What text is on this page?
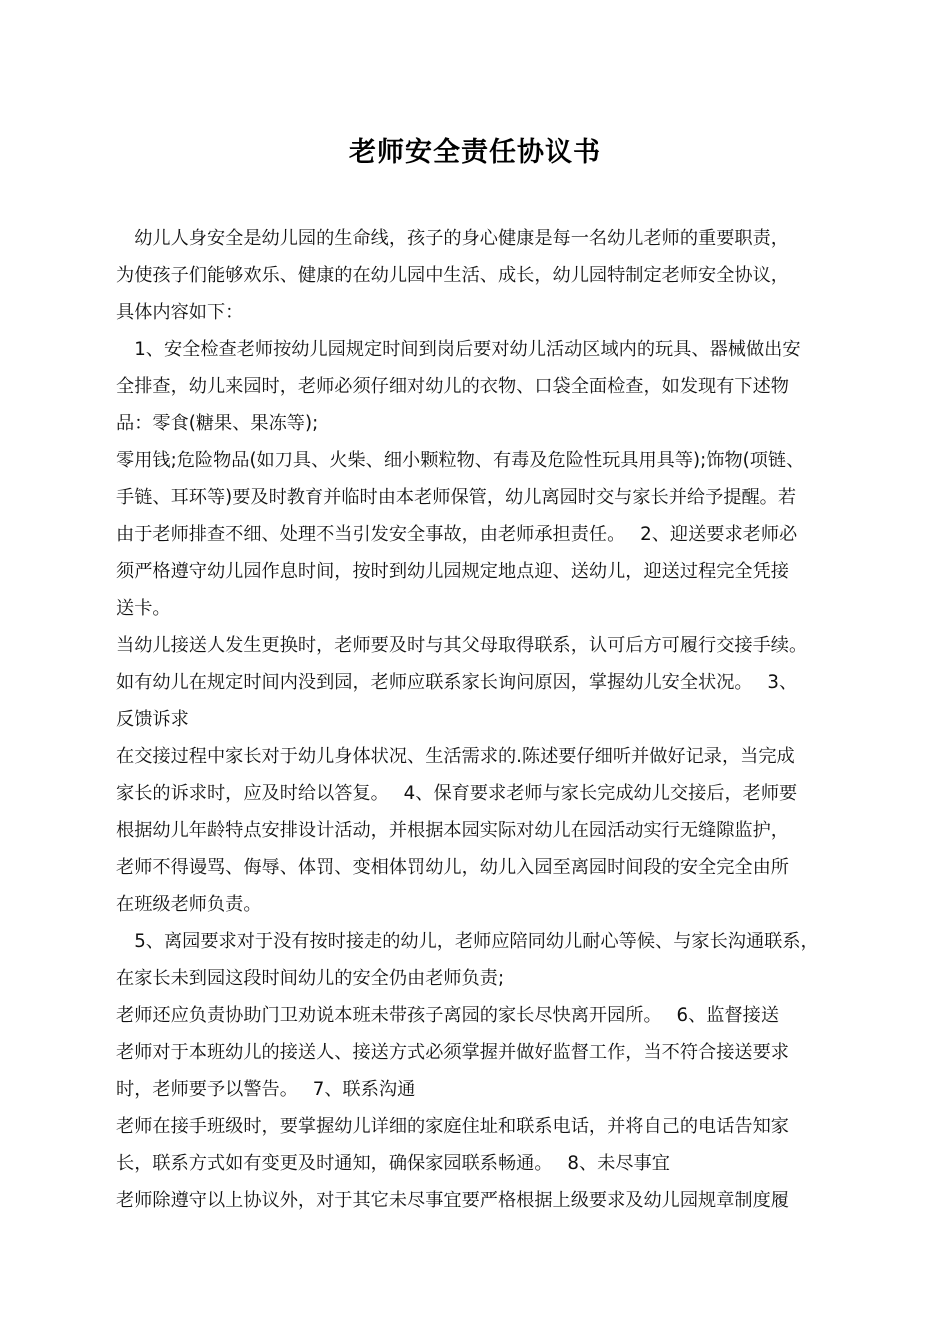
老师安全责任协议书
　幼儿人身安全是幼儿园的生命线，孩子的身心健康是每一名幼儿老师的重要职责，
为使孩子们能够欢乐、健康的在幼儿园中生活、成长，幼儿园特制定老师安全协议，
具体内容如下：
　1、安全检查老师按幼儿园规定时间到岗后要对幼儿活动区域内的玩具、器械做出安
全排查，幼儿来园时，老师必须仔细对幼儿的衣物、口袋全面检查，如发现有下述物
品：零食(糖果、果冻等);
零用钱;危险物品(如刀具、火柴、细小颗粒物、有毒及危险性玩具用具等);饰物(项链、
手链、耳环等)要及时教育并临时由本老师保管，幼儿离园时交与家长并给予提醒。若
由于老师排查不细、处理不当引发安全事故，由老师承担责任。　 2、迎送要求老师必
须严格遵守幼儿园作息时间，按时到幼儿园规定地点迎、送幼儿，迎送过程完全凭接
送卡。
当幼儿接送人发生更换时，老师要及时与其父母取得联系，认可后方可履行交接手续。
如有幼儿在规定时间内没到园，老师应联系家长询问原因，掌握幼儿安全状况。　 3、
反馈诉求
在交接过程中家长对于幼儿身体状况、生活需求的.陈述要仔细听并做好记录，当完成
家长的诉求时，应及时给以答复。　 4、保育要求老师与家长完成幼儿交接后，老师要
根据幼儿年龄特点安排设计活动，并根据本园实际对幼儿在园活动实行无缝隙监护，
老师不得谩骂、侮辱、体罚、变相体罚幼儿，幼儿入园至离园时间段的安全完全由所
在班级老师负责。
　5、离园要求对于没有按时接走的幼儿，老师应陪同幼儿耐心等候、与家长沟通联系，
在家长未到园这段时间幼儿的安全仍由老师负责;
老师还应负责协助门卫劝说本班未带孩子离园的家长尽快离开园所。　 6、监督接送
老师对于本班幼儿的接送人、接送方式必须掌握并做好监督工作，当不符合接送要求
时，老师要予以警告。　 7、联系沟通
老师在接手班级时，要掌握幼儿详细的家庭住址和联系电话，并将自己的电话告知家
长，联系方式如有变更及时通知，确保家园联系畅通。　 8、未尽事宜
老师除遵守以上协议外，对于其它未尽事宜要严格根据上级要求及幼儿园规章制度履
